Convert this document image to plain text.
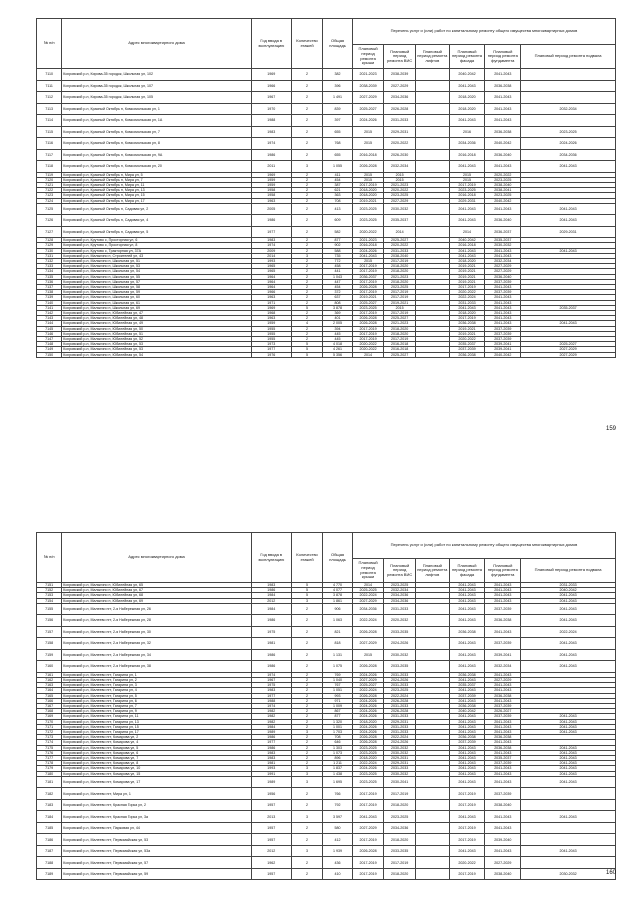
№ п/п	Адрес многоквартирного дома	Год ввода в эксплуатацию	Количество этажей	Общая площадь	Перечень услуг и (или) работ по капитальному ремонту общего имущества многоквартирных домов					
					Плановый период ремонта крыши	Плановый период ремонта ВИС	Плановый период ремонта лифтов	Плановый период ремонта фасада	Плановый период ремонта фундамента	Плановый период ремонта подвала
7110	Кохровский р-н, Кирова-35 городок, Школьная ул, 102	1969	2	382	2021-2023	2038-2039		2040-2042	2041-2043	
7111	Кохровский р-н, Кирова-35 городок, Школьная ул, 107	1966	2	396	2038-2039	2027-2029		2041-2043	2036-2038	
7112	Кохровский р-н, Кирова-35 городок, Школьная ул, 105	1967	2	1 491	2027-2029	2034-2036		2018-2020	2041-2043	
7113	Кохровский р-н, Красный Октябрь п, Комсомольская ул, 1	1970	2	839	2025-2027	2026-2028		2018-2020	2041-2043	2032-2034
7114	Кохровский р-н, Красный Октябрь п, Комсомольская ул, 1А	1988	2	397	2024-2026	2031-2033		2041-2043	2041-2043	
7115	Кохровский р-н, Красный Октябрь п, Комсомольская ул, 7	1983	2	655	2015	2029-2031		2016	2036-2038	2023-2025
7116	Кохровский р-н, Красный Октябрь п, Комсомольская ул, 8	1974	2	768	2015	2020-2022		2034-2036	2040-2042	2024-2026
7117	Кохровский р-н, Красный Октябрь п, Комсомольская ул, 9А	1986	2	655	2016-2018	2026-2030		2016-2018	2036-2040	2034-2036
7118	Кохровский р-н, Красный Октябрь п, Комсомольская ул, 20	2011	3	1 055	2026-2028	2032-2034		2041-2043	2041-2043	2041-2043
7119	Кохровский р-н, Красный Октябрь п, Мира ул, 5	1969	2	411	2015	2015		2015	2020-2022	
7120	Кохровский р-н, Красный Октябрь п, Мира ул, 7	1959	2	454	2015	2015		2015	2023-2025	
7121	Кохровский р-н, Красный Октябрь п, Мира ул, 11	1959	2	387	2017-2019	2021-2023		2017-2019	2038-2040	
7122	Кохровский р-н, Красный Октябрь п, Мира ул, 13	1958	2	621	2018-2020	2020-2022		2023-2025	2038-2041	
7123	Кохровский р-н, Красный Октябрь п, Мира ул, 15	1958	2	363	2018-2020	2023-2025		2016-2018	2023-2025	
7124	Кохровский р-н, Красный Октябрь п, Мира ул, 17	1963	2	708	2019-2021	2027-2029		2029-2031	2040-2042	
7125	Кохровский р-н, Красный Октябрь п, Садовая ул, 2	2005	2	413	2023-2025	2030-2032		2041-2043	2041-2043	2041-2043
7126	Кохровский р-н, Красный Октябрь п, Садовая ул, 4	1986	2	609	2023-2025	2035-2037		2041-2043	2036-2040	2041-2043
7127	Кохровский р-н, Красный Октябрь п, Садовая ул, 5	1977	2	582	2020-2022	2014		2014	2036-2037	2029-2031
7128	Кохровский р-н, Крутово с, Просторная ул, 6	1983	2	877	2021-2023	2025-2027		2040-2042	2035-2037	
7129	Кохровский р-н, Крутово с, Просторная ул, 8	1974	2	902	2016-2018	2020-2022		2016-2018	2030-2032	
7130	Кохровский р-н, Крутово с, Тракторная ул, 37А	2009	2	588	2024-2026	2031-2033		2041-2043	2041-2043	2041-2043
7131	Кохровский р-н, Малыгино п, Строителей ул, 43	2014	3	735	2041-2043	2038-2040		2041-2043	2041-2043	
7132	Кохровский р-н, Малыгино п, Школьная ул, 51	1993	2	772	2015	2017-2019		2018-2020	2032-2034	
7133	Кохровский р-н, Малыгино п, Школьная ул, 53	1965	2	458	2017-2019	2018-2020		2019-2021	2027-2029	
7134	Кохровский р-н, Малыгино п, Школьная ул, 54	1965	2	441	2017-2019	2018-2020		2019-2021	2027-2029	
7135	Кохровский р-н, Малыгино п, Школьная ул, 55	1964	2	1 043	2036-2037	2021-2023		2019-2021	2036-2040	
7136	Кохровский р-н, Малыгино п, Школьная ул, 57	1964	2	447	2017-2019	2018-2020		2019-2021	2037-2039	
7137	Кохровский р-н, Малыгино п, Школьная ул, 58	1964	2	454	2026-2028	2023-2025		2017-2019	2041-2043	
7138	Кохровский р-н, Малыгино п, Школьная ул, 59	1966	2	372	2017-2019	2017-2019		2020-2022	2037-2039	
7139	Кохровский р-н, Малыгино п, Школьная ул, 60	1963	2	637	2019-2021	2017-2019		2022-2024	2041-2043	
7140	Кохровский р-н, Малыгино п, Школьная ул, 61	1971	2	808	2025-2027	2019-2021		2031-2033	2041-2043	
7141	Кохровский р-н, Малыгино п, Школьная ул, 69	1969	5	3 878	2023-2025	2015		2041-2043	2041-2043	2035-2037
7142	Кохровский р-н, Малыгино п, Юбилейная ул, 47	1968	2	369	2017-2019	2017-2019		2018-2020	2041-2043	
7143	Кохровский р-н, Малыгино п, Юбилейная ул, 48	1963	2	401	2026-2028	2025-2027		2017-2019	2041-2043	
7144	Кохровский р-н, Малыгино п, Юбилейная ул, 49	1959	4	2 005	2026-2028	2021-2023		2036-2038	2041-2043	2041-2043
7145	Кохровский р-н, Малыгино п, Юбилейная ул, 50	1955	2	394	2017-2019	2018-2020		2019-2021	2037-2039	
7146	Кохровский р-н, Малыгино п, Юбилейная ул, 51	1955	2	445	2017-2019	2018-2020		2019-2021	2037-2039	
7147	Кохровский р-н, Малыгино п, Юбилейная ул, 52	1955	2	445	2017-2019	2017-2019		2020-2022	2037-2039	
7148	Кохровский р-н, Малыгино п, Юбилейная ул, 53	1973	5	4 018	2020-2022	2016-2018		2035-2037	2039-2041	2025-2027
7149	Кохровский р-н, Малыгино п, Юбилейная ул, 53	1977	5	4 261	2020-2022	2016-2018		2037-2039	2039-2041	2027-2029
7150	Кохровский р-н, Малыгино п, Юбилейная ул, 54	1976	5	5 356	2014	2025-2027		2036-2038	2040-2042	2027-2029
159
№ п/п	Адрес многоквартирного дома	Год ввода в эксплуатацию	Количество этажей	Общая площадь	Перечень услуг и (или) работ по капитальному ремонту общего имущества многоквартирных домов					
					Плановый период ремонта крыши	Плановый период ремонта ВИС	Плановый период ремонта лифтов	Плановый период ремонта фасада	Плановый период ремонта фундамента	Плановый период ремонта подвала
7151	Кохровский р-н, Малыгино п, Юбилейная ул, 65	1983	5	4 770	2014	2023-2025		2041-2043	2041-2043	2031-2033
7152	Кохровский р-н, Малыгино п, Юбилейная ул, 67	1986	5	4 077	2025-2025	2032-2034		2041-2043	2041-2043	2040-2042
7153	Кохровский р-н, Малыгино п, Юбилейная ул, 68	1984	5	3 878	2022-2024	2034-2036		2041-2043	2041-2043	2041-2043
7154	Кохровский р-н, Малыгино п, Юбилейная ул, 69	2012	3	1 861	2027-2029	2034-2036		2041-2043	2041-2043	2041-2043
7155	Кохровский р-н, Малеево пгт, 2-я Набережная ул, 26	1984	2	906	2034-2036	2031-2033		2041-2043	2037-2039	2041-2043
7156	Кохровский р-н, Малеево пгт, 2-я Набережная ул, 28	1986	2	1 063	2022-2024	2020-2032		2041-2043	2036-2038	2041-2043
7157	Кохровский р-н, Малеево пгт, 2-я Набережная ул, 30	1975	2	821	2026-2028	2033-2035		2036-2038	2041-2043	2022-2024
7158	Кохровский р-н, Малеево пгт, 2-я Набережная ул, 32	1981	2	818	2027-2029	2024-2026		2041-2043	2037-2039	2041-2043
7159	Кохровский р-н, Малеево пгт, 2-я Набережная ул, 34	1986	2	1 131	2015	2030-2032		2041-2043	2039-2041	2041-2043
7160	Кохровский р-н, Малеево пгт, 2-я Набережная ул, 38	1986	2	1 075	2026-2028	2033-2035		2041-2043	2032-2034	2041-2043
7161	Кохровский р-н, Малеево пгт, Гагарина ул, 1	1974	2	769	2024-2026	2031-2033		2036-2038	2041-2043	
7162	Кохровский р-н, Малеево пгт, Гагарина ул, 2	1967	2	1 040	2027-2029	2024-2026		2041-2043	2027-2029	
7163	Кохровский р-н, Малеево пгт, Гагарина ул, 3	1975	2	767	2025-2027	2031-2033		2035-2037	2041-2043	
7164	Кохровский р-н, Малеево пгт, Гагарина ул, 4	1983	2	1 051	2022-2024	2023-2025		2041-2043	2041-2043	
7165	Кохровский р-н, Малеево пгт, Гагарина ул, 5	1977	2	993	2026-2028	2022-2024		2037-2039	2036-2038	
7166	Кохровский р-н, Малеево пгт, Гагарина ул, 6	1988	2	971	2024-2026	2026-2028		2041-2043	2041-2043	
7167	Кохровский р-н, Малеево пгт, Гагарина ул, 7	1974	2	1 009	2024-2026	2031-2033		2036-2038	2037-2039	
7168	Кохровский р-н, Малеево пгт, Гагарина ул, 9	1982	2	867	2024-2026	2026-2028		2040-2042	2026-2027	
7169	Кохровский р-н, Малеево пгт, Гагарина ул, 11	1982	2	877	2024-2026	2031-2033		2041-2043	2037-2039	2041-2043
7170	Кохровский р-н, Малеево пгт, Гагарина ул, 13	1982	2	1 320	2018-2020	2029-2031		2041-2043	2041-2043	2041-2043
7171	Кохровский р-н, Малеево пгт, Гагарина ул, 15	1984	2	1 001	2024-2026	2031-2033		2041-2043	2041-2043	2041-2043
7172	Кохровский р-н, Малеево пгт, Гагарина ул, 17	1989	3	1 703	2024-2026	2031-2033		2041-2043	2041-2043	2041-2043
7173	Кохровский р-н, Малеево пгт, Комарова ул, 2	1986	2	708	2026-2028	2022-2024		2036-2038	2036-2038	
7174	Кохровский р-н, Малеево пгт, Комарова ул, 4	1977	2	646	2026-2028	2024-2026		2037-2039	2041-2043	
7175	Кохровский р-н, Малеево пгт, Комарова ул, 5	1986	2	1 303	2023-2025	2030-2032		2041-2043	2036-2038	2041-2043
7176	Кохровский р-н, Малеево пгт, Комарова ул, 6	1983	2	1 073	2023-2025	2030-2032		2041-2043	2041-2043	2041-2043
7177	Кохровский р-н, Малеево пгт, Комарова ул, 7	1983	2	896	2018-2020	2029-2031		2041-2043	2035-2037	2041-2043
7178	Кохровский р-н, Малеево пгт, Комарова ул, 8	1981	2	1 211	2022-2024	2029-2031		2041-2043	2037-2039	2041-2043
7179	Кохровский р-н, Малеево пгт, Комарова ул, 10	1993	3	1 837	2024-2026	2031-2033		2041-2043	2041-2043	2041-2043
7180	Кохровский р-н, Малеево пгт, Комарова ул, 15	1991	3	1 438	2023-2025	2030-2032		2041-2043	2041-2043	2041-2043
7181	Кохровский р-н, Малеево пгт, Комарова ул, 17	1989	3	1 695	2023-2025	2030-2041		2041-2043	2041-2043	2041-2043
7182	Кохровский р-н, Малеево пгт, Мира ул, 1	1956	2	766	2017-2019	2017-2019		2017-2019	2037-2039	
7183	Кохровский р-н, Малеево пгт, Красная Горка ул, 2	1957	2	792	2017-2019	2018-2020		2017-2019	2038-2040	
7184	Кохровский р-н, Малеево пгт, Красная Горка ул, 3а	2013	3	3 597	2041-2043	2023-2025		2041-2043	2041-2043	2041-2043
7185	Кохровский р-н, Малеево пгт, Парковая ул, 44	1957	2	580	2027-2029	2034-2036		2017-2019	2041-2043	
7186	Кохровский р-н, Малеево пгт, Первомайская ул, 53	1957	2	412	2017-2019	2018-2020		2017-2019	2039-2040	
7187	Кохровский р-н, Малеево пгт, Первомайская ул, 53а	2012	3	1 939	2026-2028	2033-2035		2041-2043	2041-2043	2041-2043
7188	Кохровский р-н, Малеево пгт, Первомайская ул, 57	1962	2	436	2017-2019	2017-2019		2020-2022	2027-2029	
7189	Кохровский р-н, Малеево пгт, Первомайская ул, 59	1957	2	410	2017-2019	2018-2020		2017-2019	2038-2040	2030-2032	160
